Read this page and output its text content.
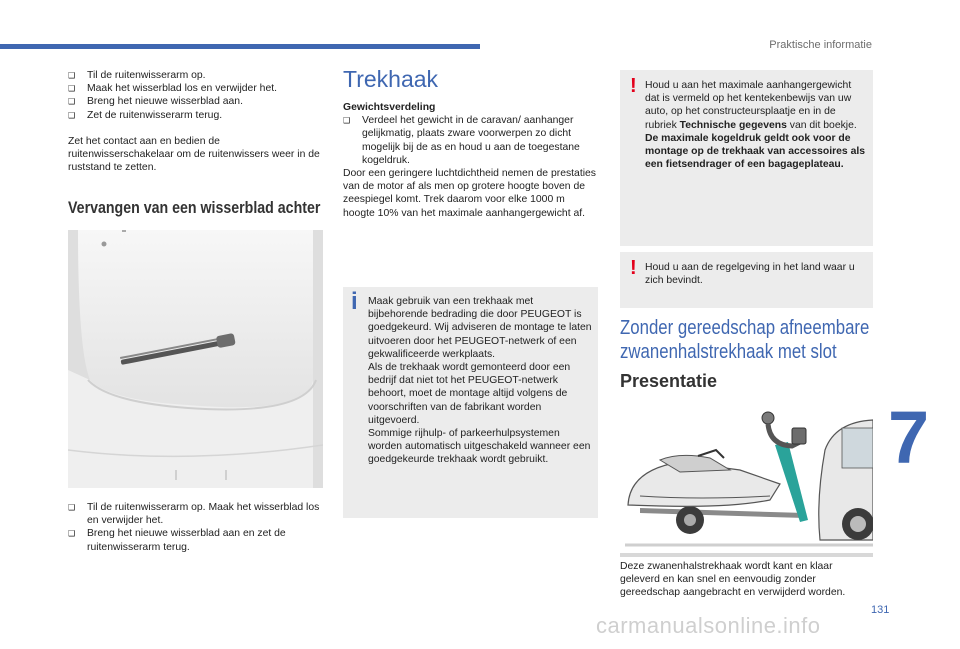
Praktische informatie
7
131
carmanualsonline.info
❑	Til de ruitenwisserarm op.
❑	Maak het wisserblad los en verwijder het.
❑	Breng het nieuwe wisserblad aan.
❑	Zet de ruitenwisserarm terug.

Zet het contact aan en bedien de ruitenwisserschakelaar om de ruitenwissers weer in de ruststand te zetten.

Vervangen van een wisserblad achter
❑	Til de ruitenwisserarm op. Maak het wisserblad los en verwijder het.
❑	Breng het nieuwe wisserblad aan en zet de ruitenwisserarm terug.
Trekhaak

Gewichtsverdeling

❑	Verdeel het gewicht in de caravan/ aanhanger gelijkmatig, plaats zware voorwerpen zo dicht mogelijk bij de as en houd u aan de toegestane kogeldruk.

Door een geringere luchtdichtheid nemen de prestaties van de motor af als men op grotere hoogte boven de zeespiegel komt. Trek daarom voor elke 1000 m hoogte 10% van het maximale aanhangergewicht af.

i Maak gebruik van een trekhaak met bijbehorende bedrading die door PEUGEOT is goedgekeurd. Wij adviseren de montage te laten uitvoeren door het PEUGEOT-netwerk of een gekwalificeerde werkplaats.
Als de trekhaak wordt gemonteerd door een bedrijf dat niet tot het PEUGEOT-netwerk behoort, moet de montage altijd volgens de voorschriften van de fabrikant worden uitgevoerd.
Sommige rijhulp- of parkeerhulpsystemen worden automatisch uitgeschakeld wanneer een goedgekeurde trekhaak wordt gebruikt.

! Houd u aan het maximale aanhangergewicht dat is vermeld op het kentekenbewijs van uw auto, op het constructeursplaatje en in de rubriek Technische gegevens van dit boekje.
De maximale kogeldruk geldt ook voor de montage op de trekhaak van accessoires als een fietsendrager of een bagageplateau.

! Houd u aan de regelgeving in het land waar u zich bevindt.

Zonder gereedschap afneembare
zwanenhalstrekhaak met slot
Presentatie

Deze zwanenhalstrekhaak wordt kant en klaar geleverd en kan snel en eenvoudig zonder gereedschap aangebracht en verwijderd worden.
